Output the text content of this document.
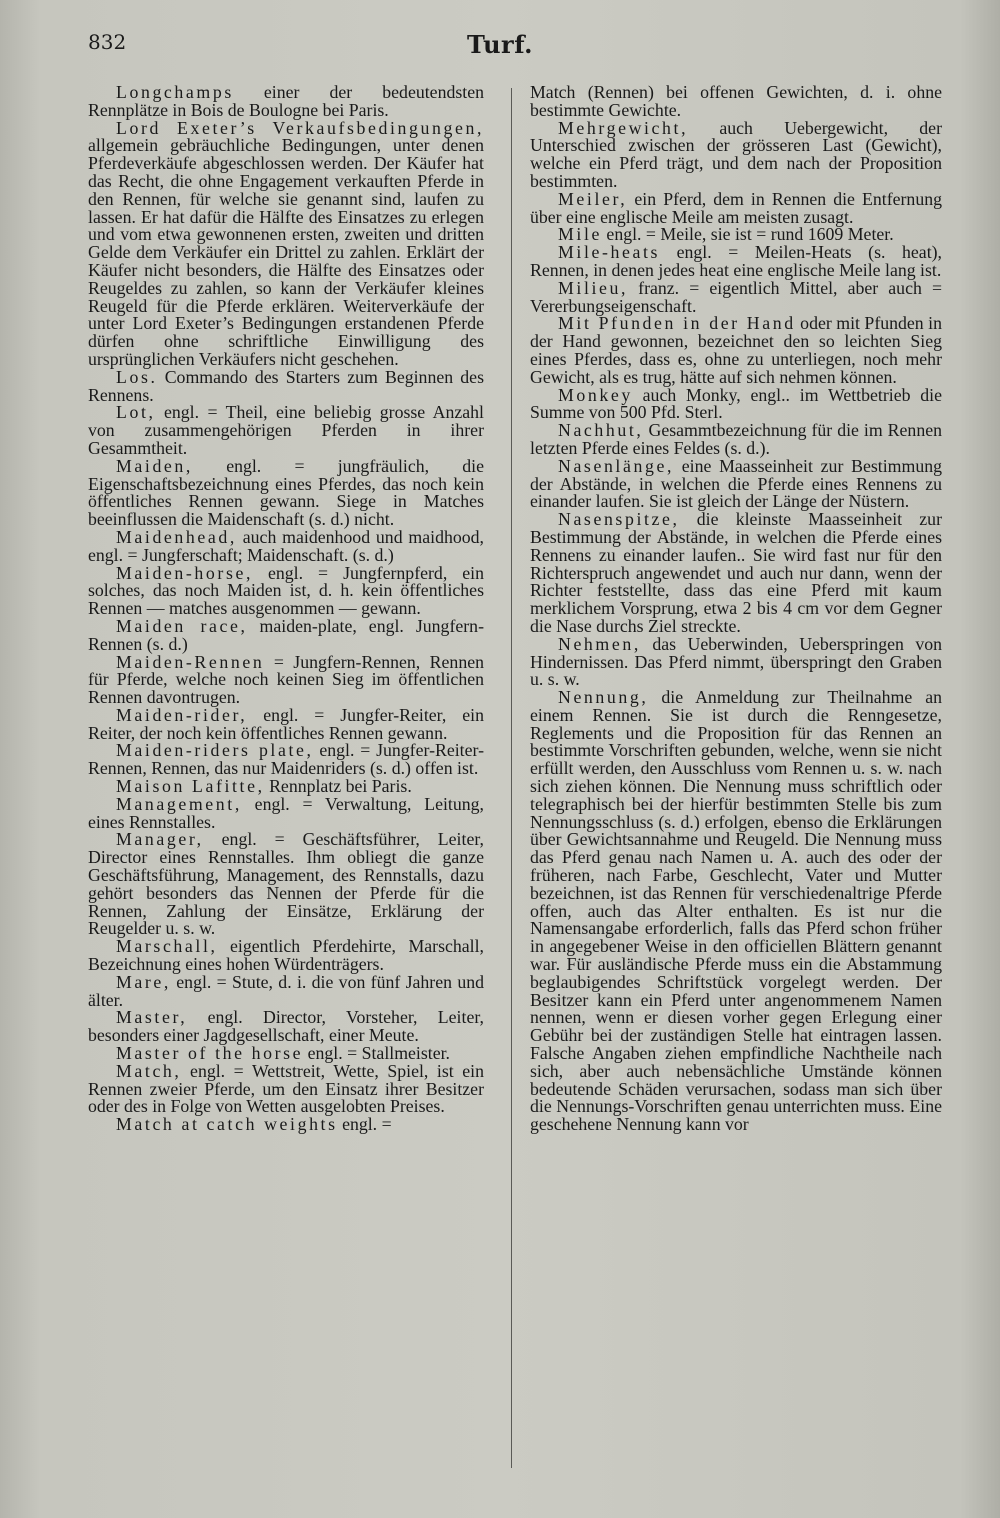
832	Turf.

Longchamps einer der bedeutendsten Rennplätze in Bois de Boulogne bei Paris.

Lord Exeter’s Verkaufsbedingungen, allgemein gebräuchliche Bedingungen, unter denen Pferdeverkäufe abgeschlossen werden. Der Käufer hat das Recht, die ohne Engagement verkauften Pferde in den Rennen, für welche sie genannt sind, laufen zu lassen. Er hat dafür die Hälfte des Einsatzes zu erlegen und vom etwa gewonnenen ersten, zweiten und dritten Gelde dem Verkäufer ein Drittel zu zahlen. Erklärt der Käufer nicht besonders, die Hälfte des Einsatzes oder Reugeldes zu zahlen, so kann der Verkäufer kleines Reugeld für die Pferde erklären. Weiterverkäufe der unter Lord Exeter’s Bedingungen erstandenen Pferde dürfen ohne schriftliche Einwilligung des ursprünglichen Verkäufers nicht geschehen.

Los. Commando des Starters zum Beginnen des Rennens.

Lot, engl. = Theil, eine beliebig grosse Anzahl von zusammengehörigen Pferden in ihrer Gesammtheit.

Maiden, engl. = jungfräulich, die Eigenschaftsbezeichnung eines Pferdes, das noch kein öffentliches Rennen gewann. Siege in Matches beeinflussen die Maidenschaft (s. d.) nicht.

Maidenhead, auch maidenhood und maidhood, engl. = Jungferschaft; Maidenschaft. (s. d.)

Maiden-horse, engl. = Jungfernpferd, ein solches, das noch Maiden ist, d. h. kein öffentliches Rennen — matches ausgenommen — gewann.

Maiden race, maiden-plate, engl. Jungfern-Rennen (s. d.)

Maiden-Rennen = Jungfern-Rennen, Rennen für Pferde, welche noch keinen Sieg im öffentlichen Rennen davontrugen.

Maiden-rider, engl. = Jungfer-Reiter, ein Reiter, der noch kein öffentliches Rennen gewann.

Maiden-riders plate, engl. = Jungfer-Reiter-Rennen, Rennen, das nur Maidenriders (s. d.) offen ist.

Maison Lafitte, Rennplatz bei Paris.

Management, engl. = Verwaltung, Leitung, eines Rennstalles.

Manager, engl. = Geschäftsführer, Leiter, Director eines Rennstalles. Ihm obliegt die ganze Geschäftsführung, Management, des Rennstalls, dazu gehört besonders das Nennen der Pferde für die Rennen, Zahlung der Einsätze, Erklärung der Reugelder u. s. w.

Marschall, eigentlich Pferdehirte, Marschall, Bezeichnung eines hohen Würdenträgers.

Mare, engl. = Stute, d. i. die von fünf Jahren und älter.

Master, engl. Director, Vorsteher, Leiter, besonders einer Jagdgesellschaft, einer Meute.

Master of the horse engl. = Stallmeister.

Match, engl. = Wettstreit, Wette, Spiel, ist ein Rennen zweier Pferde, um den Einsatz ihrer Besitzer oder des in Folge von Wetten ausgelobten Preises.

Match at catch weights engl. =

Match (Rennen) bei offenen Gewichten, d. i. ohne bestimmte Gewichte.

Mehrgewicht, auch Uebergewicht, der Unterschied zwischen der grösseren Last (Gewicht), welche ein Pferd trägt, und dem nach der Proposition bestimmten.

Meiler, ein Pferd, dem in Rennen die Entfernung über eine englische Meile am meisten zusagt.

Mile engl. = Meile, sie ist = rund 1609 Meter.

Mile-heats engl. = Meilen-Heats (s. heat), Rennen, in denen jedes heat eine englische Meile lang ist.

Milieu, franz. = eigentlich Mittel, aber auch = Vererbungseigenschaft.

Mit Pfunden in der Hand oder mit Pfunden in der Hand gewonnen, bezeichnet den so leichten Sieg eines Pferdes, dass es, ohne zu unterliegen, noch mehr Gewicht, als es trug, hätte auf sich nehmen können.

Monkey auch Monky, engl.. im Wettbetrieb die Summe von 500 Pfd. Sterl.

Nachhut, Gesammtbezeichnung für die im Rennen letzten Pferde eines Feldes (s. d.).

Nasenlänge, eine Maasseinheit zur Bestimmung der Abstände, in welchen die Pferde eines Rennens zu einander laufen. Sie ist gleich der Länge der Nüstern.

Nasenspitze, die kleinste Maasseinheit zur Bestimmung der Abstände, in welchen die Pferde eines Rennens zu einander laufen.. Sie wird fast nur für den Richterspruch angewendet und auch nur dann, wenn der Richter feststellte, dass das eine Pferd mit kaum merklichem Vorsprung, etwa 2 bis 4 cm vor dem Gegner die Nase durchs Ziel streckte.

Nehmen, das Ueberwinden, Ueberspringen von Hindernissen. Das Pferd nimmt, überspringt den Graben u. s. w.

Nennung, die Anmeldung zur Theilnahme an einem Rennen. Sie ist durch die Renngesetze, Reglements und die Proposition für das Rennen an bestimmte Vorschriften gebunden, welche, wenn sie nicht erfüllt werden, den Ausschluss vom Rennen u. s. w. nach sich ziehen können. Die Nennung muss schriftlich oder telegraphisch bei der hierfür bestimmten Stelle bis zum Nennungsschluss (s. d.) erfolgen, ebenso die Erklärungen über Gewichtsannahme und Reugeld. Die Nennung muss das Pferd genau nach Namen u. A. auch des oder der früheren, nach Farbe, Geschlecht, Vater und Mutter bezeichnen, ist das Rennen für verschiedenaltrige Pferde offen, auch das Alter enthalten. Es ist nur die Namensangabe erforderlich, falls das Pferd schon früher in angegebener Weise in den officiellen Blättern genannt war. Für ausländische Pferde muss ein die Abstammung beglaubigendes Schriftstück vorgelegt werden. Der Besitzer kann ein Pferd unter angenommenem Namen nennen, wenn er diesen vorher gegen Erlegung einer Gebühr bei der zuständigen Stelle hat eintragen lassen. Falsche Angaben ziehen empfindliche Nachtheile nach sich, aber auch nebensächliche Umstände können bedeutende Schäden verursachen, sodass man sich über die Nennungs-Vorschriften genau unterrichten muss. Eine geschehene Nennung kann vor
